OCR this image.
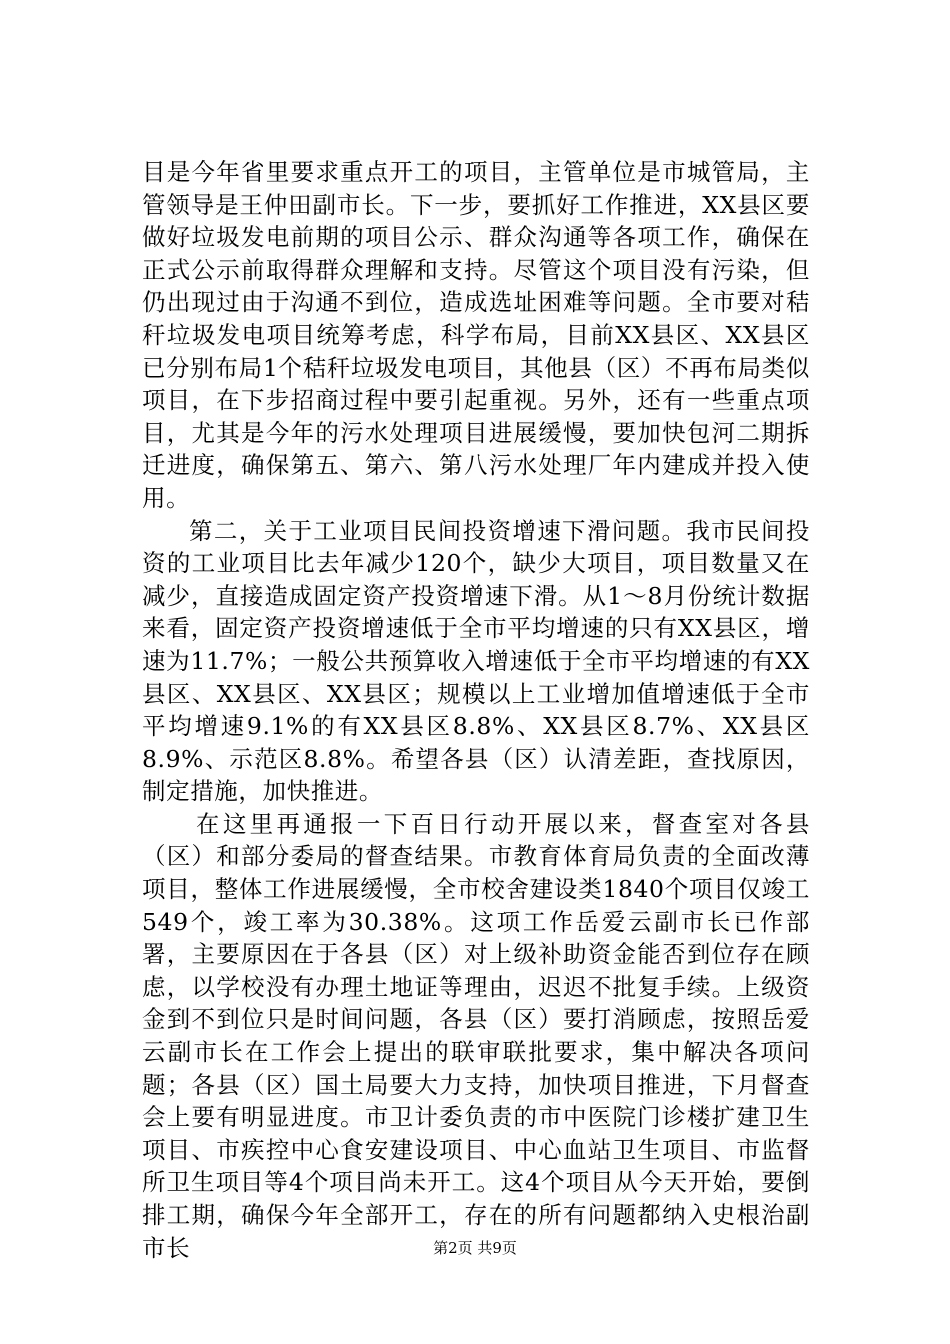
目是今年省里要求重点开工的项目，主管单位是市城管局，主管领导是王仲田副市长。下一步，要抓好工作推进，XX县区要做好垃圾发电前期的项目公示、群众沟通等各项工作，确保在正式公示前取得群众理解和支持。尽管这个项目没有污染，但仍出现过由于沟通不到位，造成选址困难等问题。全市要对秸秆垃圾发电项目统筹考虑，科学布局，目前XX县区、XX县区已分别布局1个秸秆垃圾发电项目，其他县（区）不再布局类似项目，在下步招商过程中要引起重视。另外，还有一些重点项目，尤其是今年的污水处理项目进展缓慢，要加快包河二期拆迁进度，确保第五、第六、第八污水处理厂年内建成并投入使用。

第二，关于工业项目民间投资增速下滑问题。我市民间投资的工业项目比去年减少120个，缺少大项目，项目数量又在减少，直接造成固定资产投资增速下滑。从1～8月份统计数据来看，固定资产投资增速低于全市平均增速的只有XX县区，增速为11.7%；一般公共预算收入增速低于全市平均增速的有XX县区、XX县区、XX县区；规模以上工业增加值增速低于全市平均增速9.1%的有XX县区8.8%、XX县区8.7%、XX县区8.9%、示范区8.8%。希望各县（区）认清差距，查找原因，制定措施，加快推进。

在这里再通报一下百日行动开展以来，督查室对各县（区）和部分委局的督查结果。市教育体育局负责的全面改薄项目，整体工作进展缓慢，全市校舍建设类1840个项目仅竣工549个，竣工率为30.38%。这项工作岳爱云副市长已作部署，主要原因在于各县（区）对上级补助资金能否到位存在顾虑，以学校没有办理土地证等理由，迟迟不批复手续。上级资金到不到位只是时间问题，各县（区）要打消顾虑，按照岳爱云副市长在工作会上提出的联审联批要求，集中解决各项问题；各县（区）国土局要大力支持，加快项目推进，下月督查会上要有明显进度。市卫计委负责的市中医院门诊楼扩建卫生项目、市疾控中心食安建设项目、中心血站卫生项目、市监督所卫生项目等4个项目尚未开工。这4个项目从今天开始，要倒排工期，确保今年全部开工，存在的所有问题都纳入史根治副市长	第2页 共9页
